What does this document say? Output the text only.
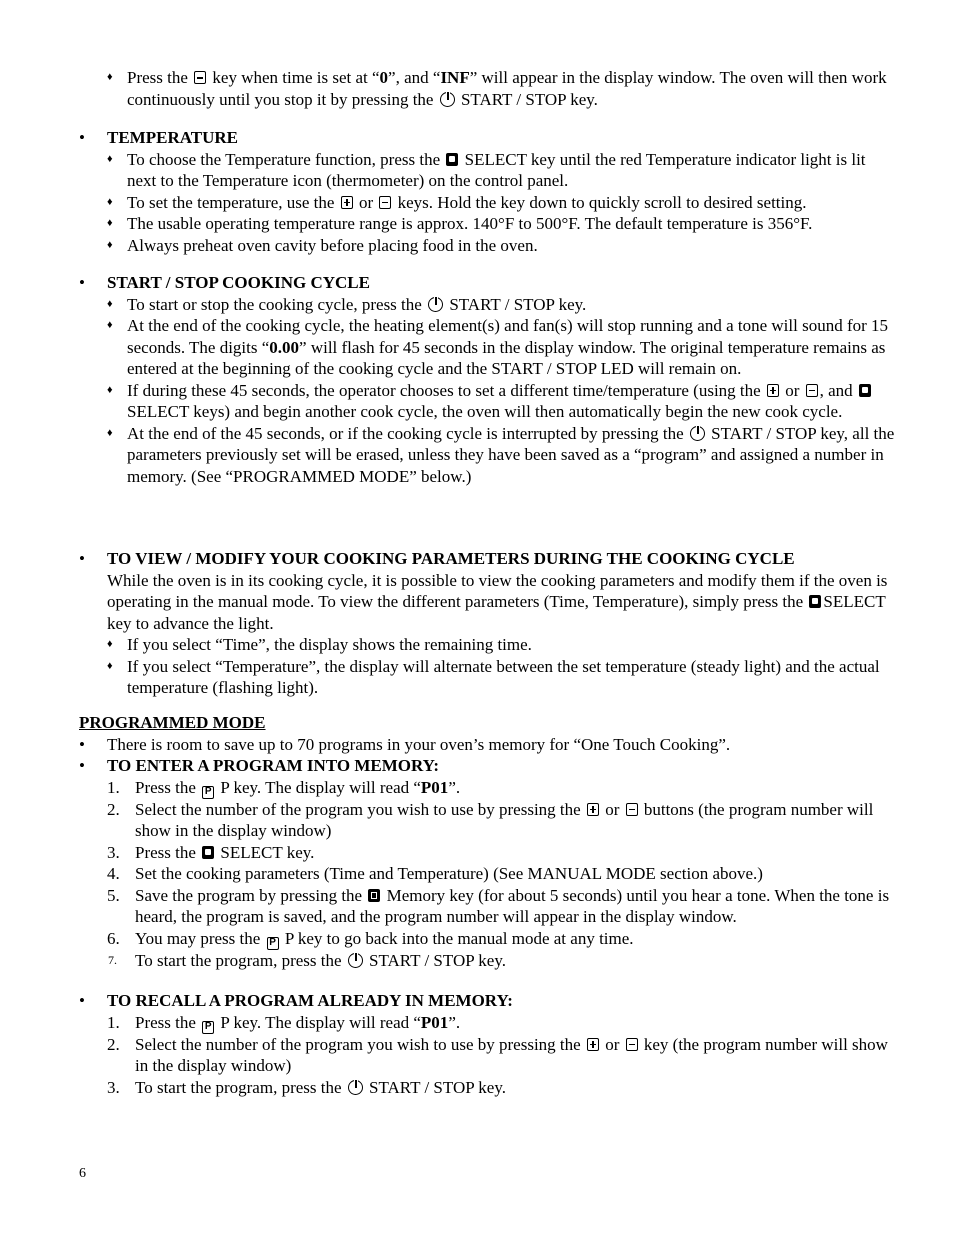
♦ Press the key when time is set at “0”, and “INF” will appear in the display window. The oven will then work continuously until you stop it by pressing the START / STOP key.
• TEMPERATURE
♦ To choose the Temperature function, press the SELECT key until the red Temperature indicator light is lit next to the Temperature icon (thermometer) on the control panel.
♦ To set the temperature, use the or keys. Hold the key down to quickly scroll to desired setting.
♦ The usable operating temperature range is approx. 140°F to 500°F. The default temperature is 356°F.
♦ Always preheat oven cavity before placing food in the oven.
• START / STOP COOKING CYCLE
♦ To start or stop the cooking cycle, press the START / STOP key.
♦ At the end of the cooking cycle, the heating element(s) and fan(s) will stop running and a tone will sound for 15 seconds. The digits “0.00” will flash for 45 seconds in the display window. The original temperature remains as entered at the beginning of the cooking cycle and the START / STOP LED will remain on.
♦ If during these 45 seconds, the operator chooses to set a different time/temperature (using the or , and  SELECT keys) and begin another cook cycle, the oven will then automatically begin the new cook cycle.
♦ At the end of the 45 seconds, or if the cooking cycle is interrupted by pressing the START / STOP key, all the parameters previously set will be erased, unless they have been saved as a “program” and assigned a number in memory. (See “PROGRAMMED MODE” below.)
• TO VIEW / MODIFY YOUR COOKING PARAMETERS DURING THE COOKING CYCLE
While the oven is in its cooking cycle, it is possible to view the cooking parameters and modify them if the oven is operating in the manual mode. To view the different parameters (Time, Temperature), simply press the SELECT key to advance the light.
♦ If you select “Time”, the display shows the remaining time.
♦ If you select “Temperature”, the display will alternate between the set temperature (steady light) and the actual temperature (flashing light).
PROGRAMMED MODE
• There is room to save up to 70 programs in your oven’s memory for “One Touch Cooking”.
• TO ENTER A PROGRAM INTO MEMORY:
1. Press the P P key. The display will read “P01”.
2. Select the number of the program you wish to use by pressing the or buttons (the program number will show in the display window)
3. Press the SELECT key.
4. Set the cooking parameters (Time and Temperature) (See MANUAL MODE section above.)
5. Save the program by pressing the Memory key (for about 5 seconds) until you hear a tone. When the tone is heard, the program is saved, and the program number will appear in the display window.
6. You may press the P P key to go back into the manual mode at any time.
7. To start the program, press the START / STOP key.
• TO RECALL A PROGRAM ALREADY IN MEMORY:
1. Press the P P key. The display will read “P01”.
2. Select the number of the program you wish to use by pressing the or key (the program number will show in the display window)
3. To start the program, press the START / STOP key.
6
